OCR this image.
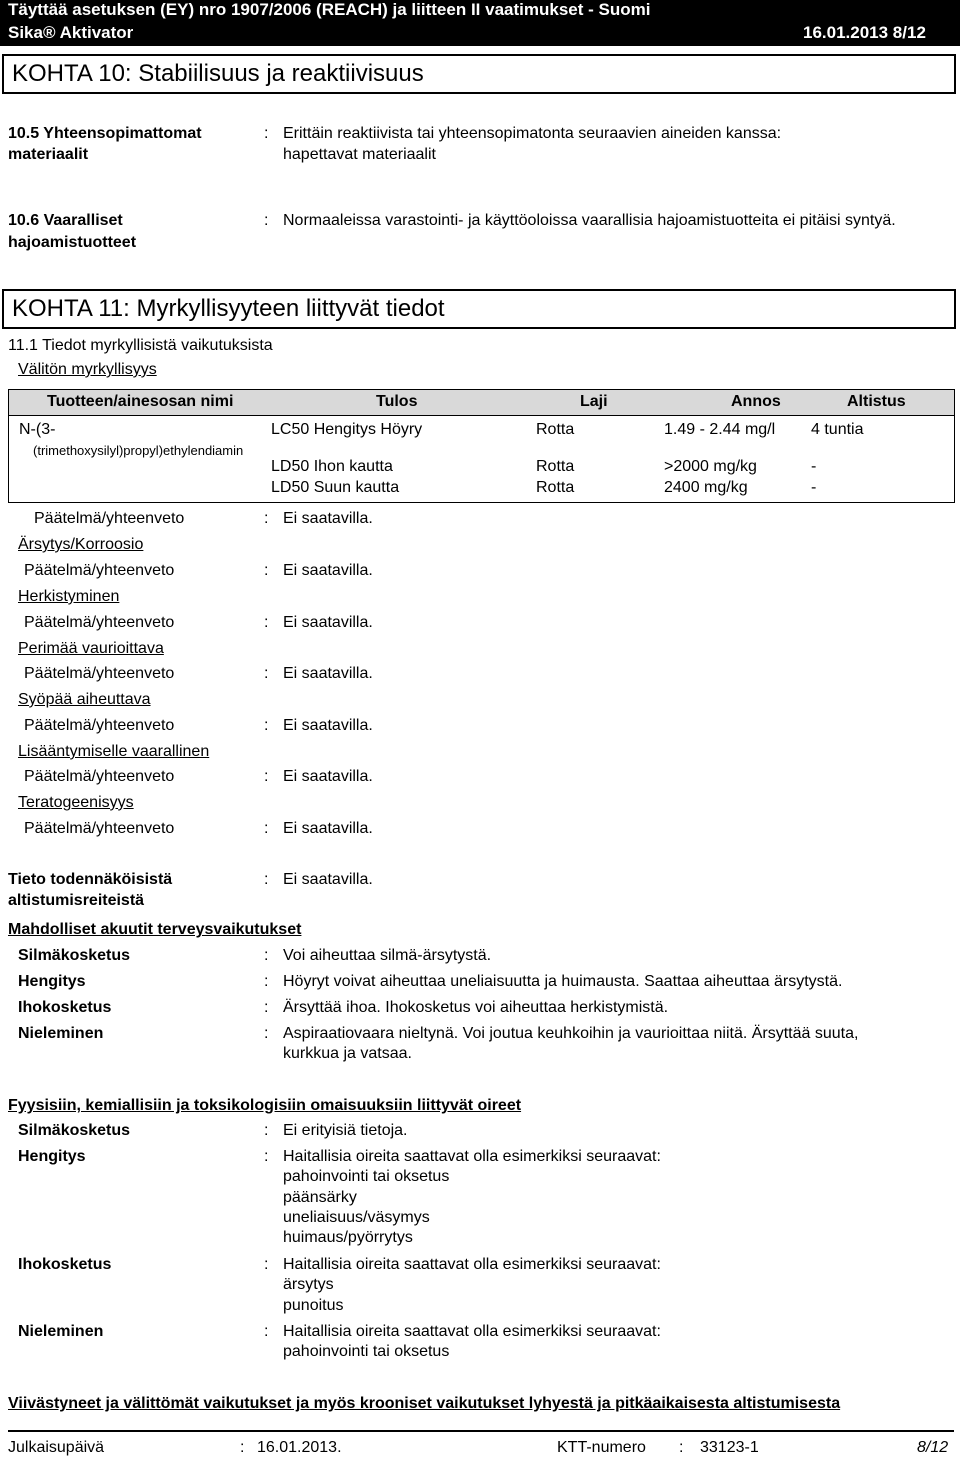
Täyttää asetuksen (EY) nro 1907/2006 (REACH) ja liitteen II vaatimukset - Suomi
Sika® Aktivator	16.01.2013 8/12
KOHTA 10: Stabiilisuus ja reaktiivisuus
10.5 Yhteensopimattomat
materiaalit
: Erittäin reaktiivista tai yhteensopimatonta seuraavien aineiden kanssa:
hapettavat materiaalit
10.6 Vaaralliset
hajoamistuotteet
: Normaaleissa varastointi- ja käyttöoloissa vaarallisia hajoamistuotteita ei pitäisi syntyä.
KOHTA 11: Myrkyllisyyteen liittyvät tiedot
11.1 Tiedot myrkyllisistä vaikutuksista
Välitön myrkyllisyys
Tuotteen/ainesosan nimi	Tulos	Laji	Annos	Altistus
N-(3-
(trimethoxysilyl)propyl)ethylendiamin
LC50 Hengitys Höyry	Rotta	1.49 - 2.44 mg/l 4 tuntia
LD50 Ihon kautta	Rotta	>2000 mg/kg	-
LD50 Suun kautta	Rotta	2400 mg/kg	-
Päätelmä/yhteenveto	: Ei saatavilla.
Ärsytys/Korroosio
Päätelmä/yhteenveto	: Ei saatavilla.
Herkistyminen
Päätelmä/yhteenveto	: Ei saatavilla.
Perimää vaurioittava
Päätelmä/yhteenveto	: Ei saatavilla.
Syöpää aiheuttava
Päätelmä/yhteenveto	: Ei saatavilla.
Lisääntymiselle vaarallinen
Päätelmä/yhteenveto	: Ei saatavilla.
Teratogeenisyys
Päätelmä/yhteenveto	: Ei saatavilla.
Tieto todennäköisistä
altistumisreiteistä
: Ei saatavilla.
Mahdolliset akuutit terveysvaikutukset
Silmäkosketus	: Voi aiheuttaa silmä-ärsytystä.
Hengitys	: Höyryt voivat aiheuttaa uneliaisuutta ja huimausta. Saattaa aiheuttaa ärsytystä.
Ihokosketus	: Ärsyttää ihoa. Ihokosketus voi aiheuttaa herkistymistä.
Nieleminen	: Aspiraatiovaara nieltynä. Voi joutua keuhkoihin ja vaurioittaa niitä. Ärsyttää suuta,
kurkkua ja vatsaa.
Fyysisiin, kemiallisiin ja toksikologisiin omaisuuksiin liittyvät oireet
Silmäkosketus	: Ei erityisiä tietoja.
Hengitys	: Haitallisia oireita saattavat olla esimerkiksi seuraavat:
pahoinvointi tai oksetus
päänsärky
uneliaisuus/väsymys
huimaus/pyörrytys
Ihokosketus	: Haitallisia oireita saattavat olla esimerkiksi seuraavat:
ärsytys
punoitus
Nieleminen	: Haitallisia oireita saattavat olla esimerkiksi seuraavat:
pahoinvointi tai oksetus
Viivästyneet ja välittömät vaikutukset ja myös krooniset vaikutukset lyhyestä ja pitkäaikaisesta altistumisesta
Julkaisupäivä	: 16.01.2013.	KTT-numero : 33123-1	8/12
